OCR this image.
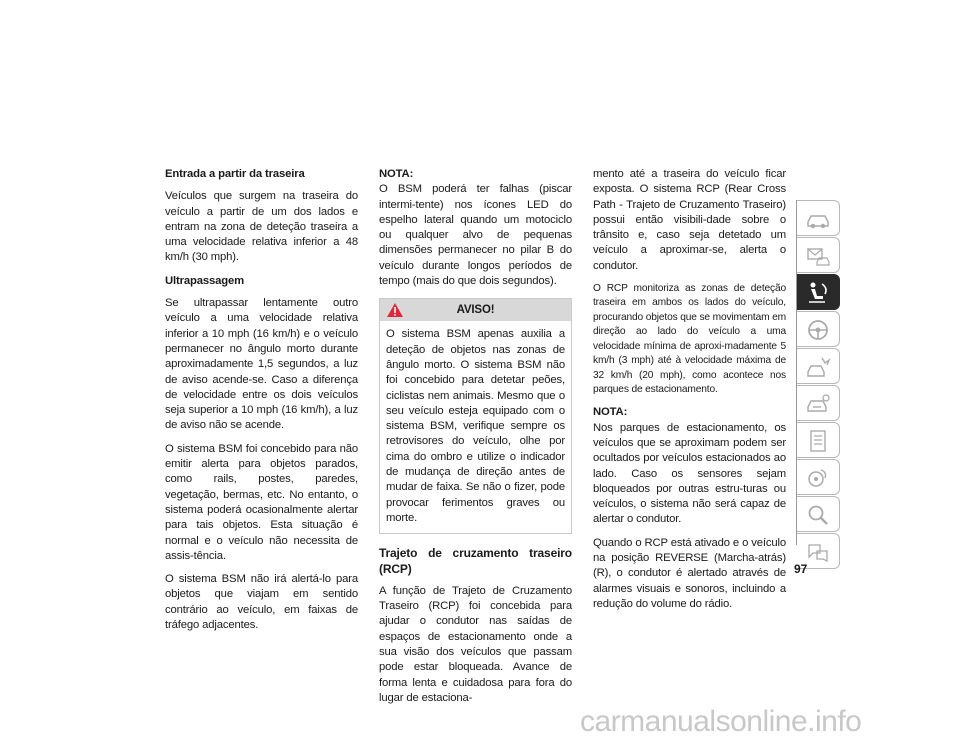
Entrada a partir da traseira

Veículos que surgem na traseira do veículo a partir de um dos lados e entram na zona de deteção traseira a uma velocidade relativa inferior a 48 km/h (30 mph).

Ultrapassagem

Se ultrapassar lentamente outro veículo a uma velocidade relativa inferior a 10 mph (16 km/h) e o veículo permanecer no ângulo morto durante aproximadamente 1,5 segundos, a luz de aviso acende-se. Caso a diferença de velocidade entre os dois veículos seja superior a 10 mph (16 km/h), a luz de aviso não se acende.

O sistema BSM foi concebido para não emitir alerta para objetos parados, como rails, postes, paredes, vegetação, bermas, etc. No entanto, o sistema poderá ocasionalmente alertar para tais objetos. Esta situação é normal e o veículo não necessita de assis-tência.

O sistema BSM não irá alertá-lo para objetos que viajam em sentido contrário ao veículo, em faixas de tráfego adjacentes.

NOTA:
O BSM poderá ter falhas (piscar intermi-tente) nos ícones LED do espelho lateral quando um motociclo ou qualquer alvo de pequenas dimensões permanecer no pilar B do veículo durante longos períodos de tempo (mais do que dois segundos).

AVISO!

O sistema BSM apenas auxilia a deteção de objetos nas zonas de ângulo morto. O sistema BSM não foi concebido para detetar peões, ciclistas nem animais. Mesmo que o seu veículo esteja equipado com o sistema BSM, verifique sempre os retrovisores do veículo, olhe por cima do ombro e utilize o indicador de mudança de direção antes de mudar de faixa. Se não o fizer, pode provocar ferimentos graves ou morte.

Trajeto de cruzamento traseiro (RCP)

A função de Trajeto de Cruzamento Traseiro (RCP) foi concebida para ajudar o condutor nas saídas de espaços de estacionamento onde a sua visão dos veículos que passam pode estar bloqueada. Avance de forma lenta e cuidadosa para fora do lugar de estaciona-

mento até a traseira do veículo ficar exposta. O sistema RCP (Rear Cross Path - Trajeto de Cruzamento Traseiro) possui então visibili-dade sobre o trânsito e, caso seja detetado um veículo a aproximar-se, alerta o condutor.

O RCP monitoriza as zonas de deteção traseira em ambos os lados do veículo, procurando objetos que se movimentam em direção ao lado do veículo a uma velocidade mínima de aproxi-madamente 5 km/h (3 mph) até à velocidade máxima de 32 km/h (20 mph), como acontece nos parques de estacionamento.

NOTA:
Nos parques de estacionamento, os veículos que se aproximam podem ser ocultados por veículos estacionados ao lado. Caso os sensores sejam bloqueados por outras estru-turas ou veículos, o sistema não será capaz de alertar o condutor.

Quando o RCP está ativado e o veículo na posição REVERSE (Marcha-atrás) (R), o condutor é alertado através de alarmes visuais e sonoros, incluindo a redução do volume do rádio.

97
carmanualsonline.info
